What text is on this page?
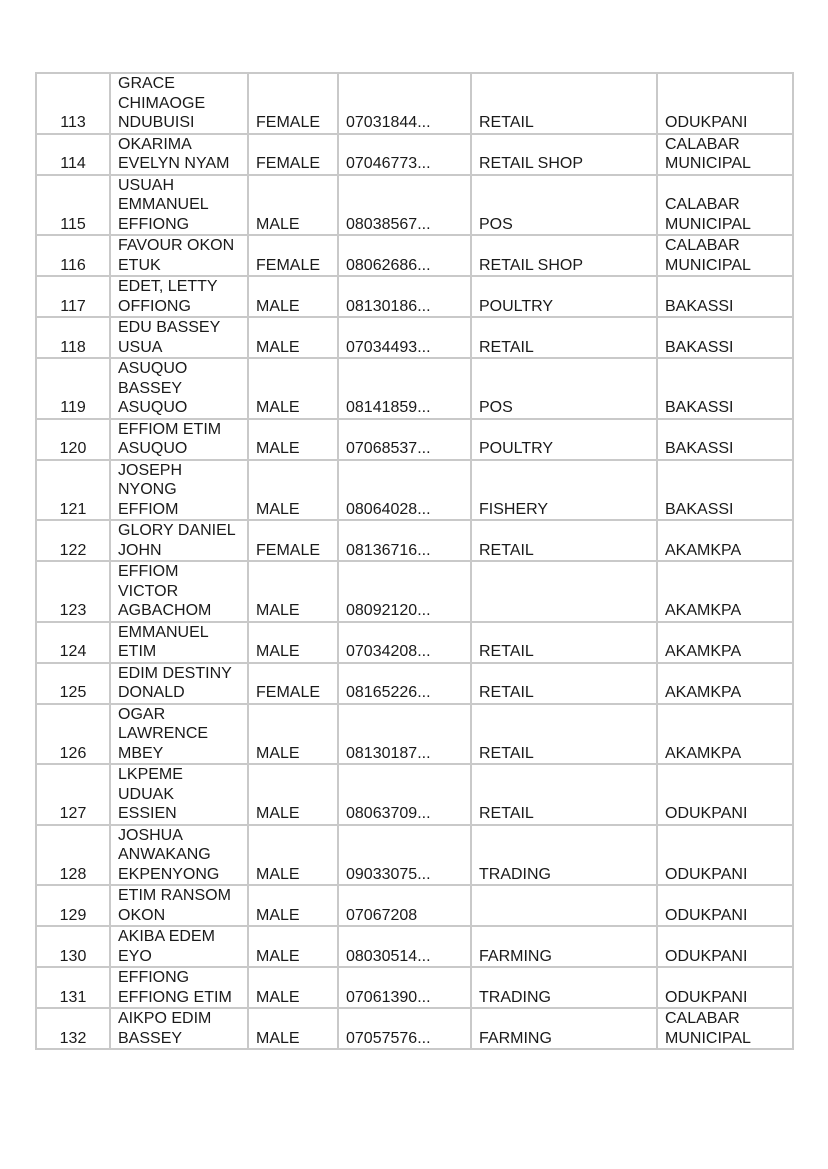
113	GRACE
CHIMAOGE
NDUBUISI	FEMALE	07031844...	RETAIL	ODUKPANI

114	OKARIMA
EVELYN NYAM	FEMALE	07046773...	RETAIL SHOP	CALABAR
MUNICIPAL

115	USUAH
EMMANUEL
EFFIONG	MALE	08038567...	POS	CALABAR
MUNICIPAL

116	FAVOUR OKON
ETUK	FEMALE	08062686...	RETAIL SHOP	CALABAR
MUNICIPAL

117	EDET, LETTY
OFFIONG	MALE	08130186...	POULTRY	BAKASSI

118	EDU BASSEY
USUA	MALE	07034493...	RETAIL	BAKASSI

119	ASUQUO
BASSEY
ASUQUO	MALE	08141859...	POS	BAKASSI

120	EFFIOM ETIM
ASUQUO	MALE	07068537...	POULTRY	BAKASSI

121	JOSEPH
NYONG
EFFIOM	MALE	08064028...	FISHERY	BAKASSI

122	GLORY DANIEL
JOHN	FEMALE	08136716...	RETAIL	AKAMKPA

123	EFFIOM
VICTOR
AGBACHOM	MALE	08092120...		AKAMKPA

124	EMMANUEL
ETIM	MALE	07034208...	RETAIL	AKAMKPA

125	EDIM DESTINY
DONALD	FEMALE	08165226...	RETAIL	AKAMKPA

126	OGAR
LAWRENCE
MBEY	MALE	08130187...	RETAIL	AKAMKPA

127	LKPEME
UDUAK
ESSIEN	MALE	08063709...	RETAIL	ODUKPANI

128	JOSHUA
ANWAKANG
EKPENYONG	MALE	09033075...	TRADING	ODUKPANI

129	ETIM RANSOM
OKON	MALE	07067208		ODUKPANI

130	AKIBA EDEM
EYO	MALE	08030514...	FARMING	ODUKPANI

131	EFFIONG
EFFIONG ETIM	MALE	07061390...	TRADING	ODUKPANI

132	AIKPO EDIM
BASSEY	MALE	07057576...	FARMING	CALABAR
MUNICIPAL
